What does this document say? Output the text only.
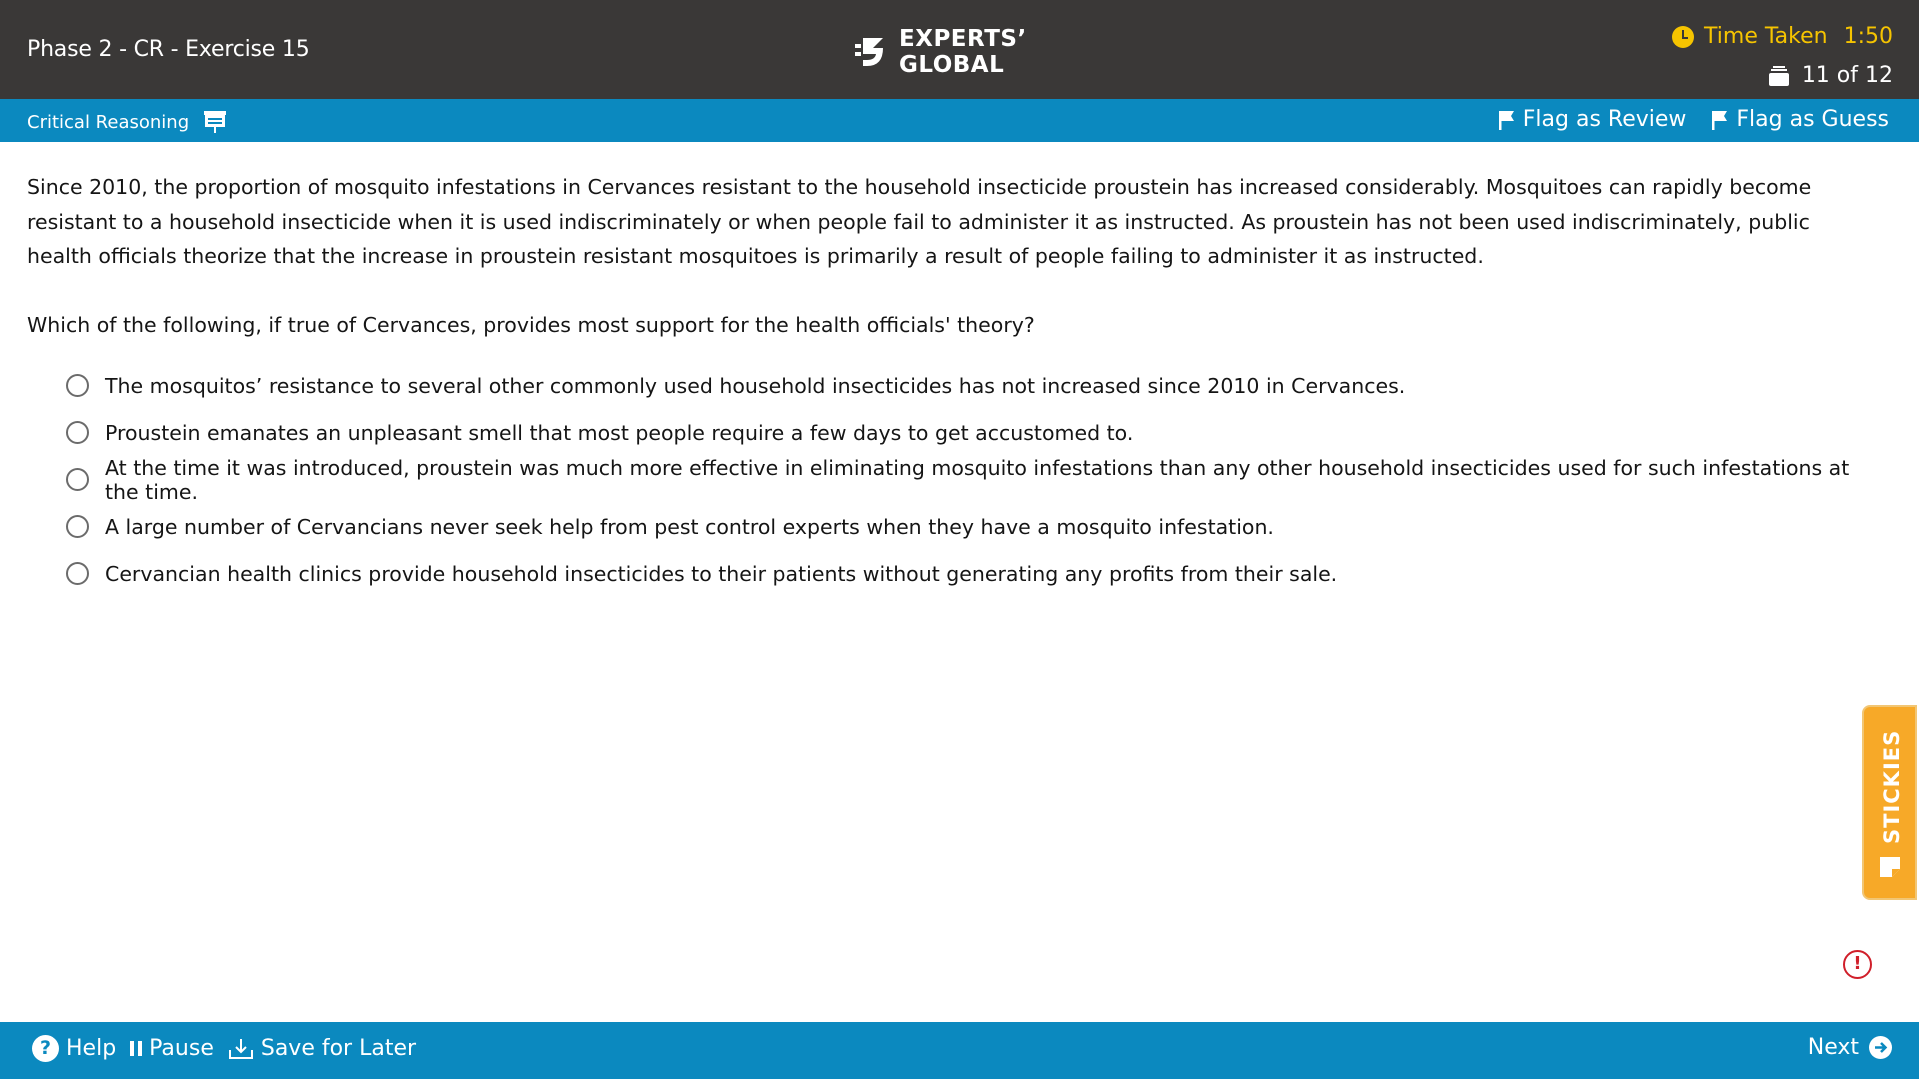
Phase 2 - CR - Exercise 15	EXPERTS’
GLOBAL
Time Taken 1:50
11 of 12
Critical Reasoning	Flag as Review Flag as Guess
Since 2010, the proportion of mosquito infestations in Cervances resistant to the household insecticide proustein has increased considerably. Mosquitoes can rapidly become resistant to a household insecticide when it is used indiscriminately or when people fail to administer it as instructed. As proustein has not been used indiscriminately, public health officials theorize that the increase in proustein resistant mosquitoes is primarily a result of people failing to administer it as instructed.
Which of the following, if true of Cervances, provides most support for the health officials' theory?
The mosquitos’ resistance to several other commonly used household insecticides has not increased since 2010 in Cervances.
Proustein emanates an unpleasant smell that most people require a few days to get accustomed to.
At the time it was introduced, proustein was much more effective in eliminating mosquito infestations than any other household insecticides used for such infestations at the time.
A large number of Cervancians never seek help from pest control experts when they have a mosquito infestation.
Cervancian health clinics provide household insecticides to their patients without generating any profits from their sale.
STICKIES
!
? Help Pause Save for Later	Next
